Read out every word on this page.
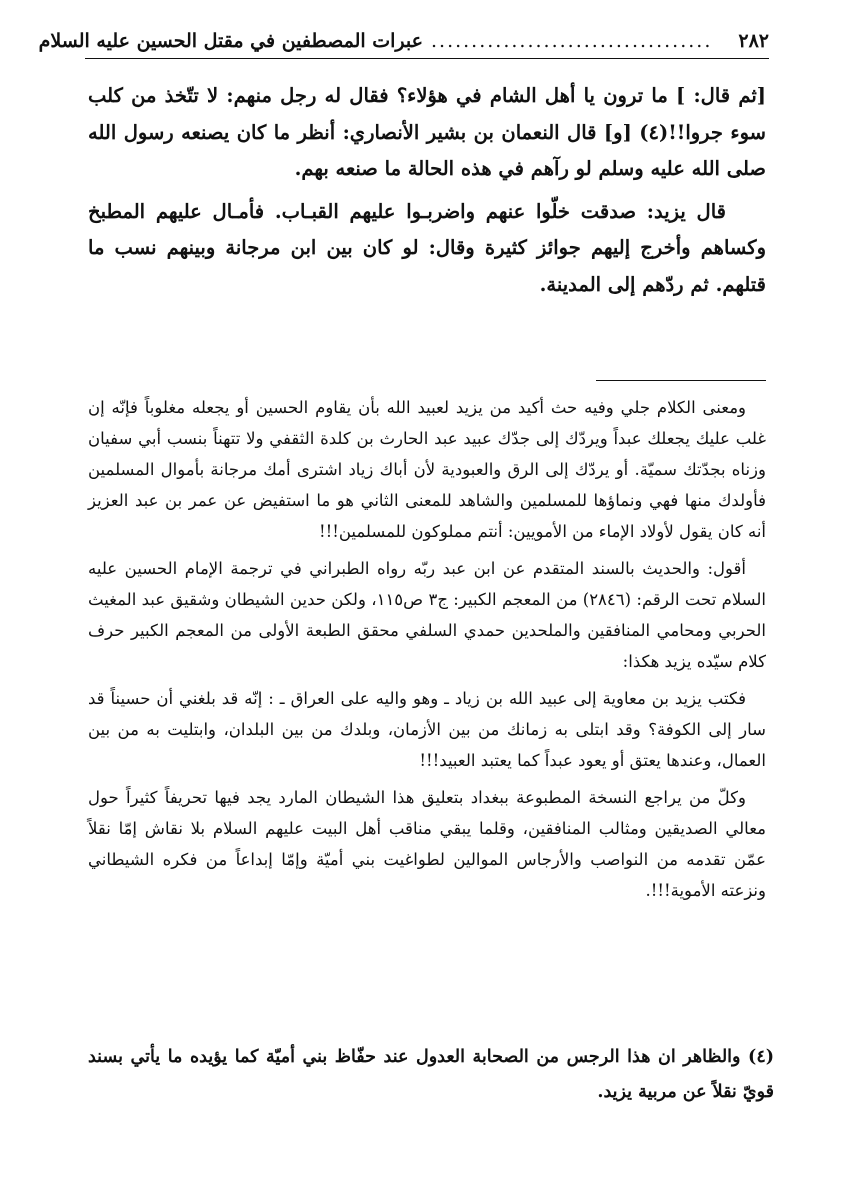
٢٨٢
...................................
عبرات المصطفين في مقتل الحسين عليه السلام

[ثم قال: ] ما ترون يا أهل الشام في هؤلاء؟ فقال له رجل منهم: لا تتّخذ من كلب سوء جروا!!(٤) [و] قال النعمان بن بشير الأنصاري: أنظر ما كان يصنعه رسول الله صلى الله عليه وسلم لو رآهم في هذه الحالة ما صنعه بهم.

قال يزيد: صدقت خلّوا عنهم واضربـوا عليهم القبـاب. فأمـال عليهم المطبخ وكساهم وأخرج إليهم جوائز كثيرة وقال: لو كان بين ابن مرجانة وبينهم نسب ما قتلهم. ثم ردّهم إلى المدينة.

ومعنى الكلام جلي وفيه حث أكيد من يزيد لعبيد الله بأن يقاوم الحسين أو يجعله مغلوباً فإنّه إن غلب عليك يجعلك عبداً ويردّك إلى جدّك عبيد عبد الحارث بن كلدة الثقفي ولا تتهناً بنسب أبي سفيان وزناه بجدّتك سميّة. أو يردّك إلى الرق والعبودية لأن أباك زياد اشترى أمك مرجانة بأموال المسلمين فأولدك منها فهي ونماؤها للمسلمين والشاهد للمعنى الثاني هو ما استفيض عن عمر بن عبد العزيز أنه كان يقول لأولاد الإماء من الأمويين: أنتم مملوكون للمسلمين!!!

أقول: والحديث بالسند المتقدم عن ابن عبد ربّه رواه الطبراني في ترجمة الإمام الحسين عليه السلام تحت الرقم: (٢٨٤٦) من المعجم الكبير: ج٣ ص١١٥، ولكن حدين الشيطان وشقيق عبد المغيث الحربي ومحامي المنافقين والملحدين حمدي السلفي محقق الطبعة الأولى من المعجم الكبير حرف كلام سيّده يزيد هكذا:

فكتب يزيد بن معاوية إلى عبيد الله بن زياد ـ وهو واليه على العراق ـ : إنّه قد بلغني أن حسيناً قد سار إلى الكوفة؟ وقد ابتلى به زمانك من بين الأزمان، وبلدك من بين البلدان، وابتليت به من بين العمال، وعندها يعتق أو يعود عبداً كما يعتبد العبيد!!!

وكلّ من يراجع النسخة المطبوعة ببغداد بتعليق هذا الشيطان المارد يجد فيها تحريفاً كثيراً حول معالي الصديقين ومثالب المنافقين، وقلما يبقي مناقب أهل البيت عليهم السلام بلا نقاش إمّا نقلاً عمّن تقدمه من النواصب والأرجاس الموالين لطواغيت بني أميّة وإمّا إبداعاً من فكره الشيطاني ونزعته الأموية!!!.

(٤) والظاهر ان هذا الرجس من الصحابة العدول عند حفّاظ بني أميّة كما يؤيده ما يأتي بسند قويّ نقلاً عن مربية يزيد.
